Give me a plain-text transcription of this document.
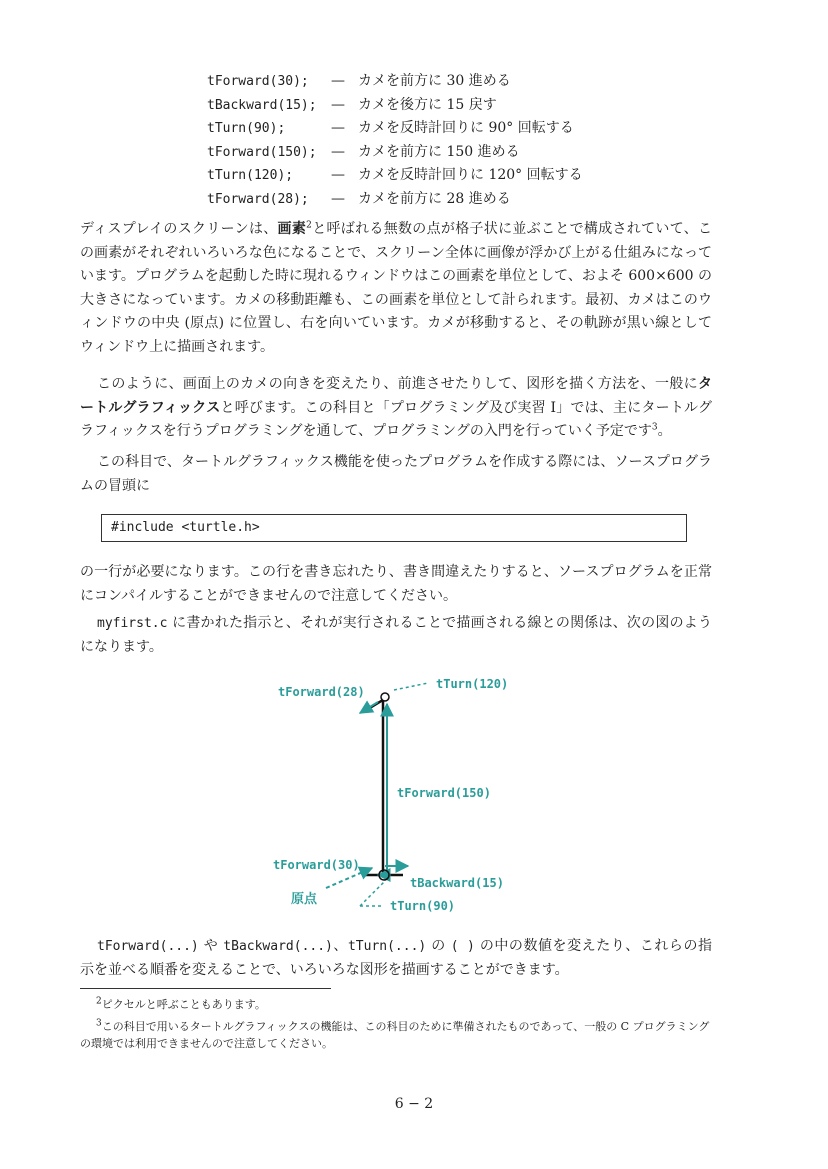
tForward(30); — カメを前方に 30 進める
tBackward(15); — カメを後方に 15 戻す
tTurn(90);	— カメを反時計回りに 90° 回転する
tForward(150); — カメを前方に 150 進める
tTurn(120);	— カメを反時計回りに 120° 回転する
tForward(28); — カメを前方に 28 進める

ディスプレイのスクリーンは、画素$^2$と呼ばれる無数の点が格子状に並ぶことで構成されていて、この画素がそれぞれいろいろな色になることで、スクリーン全体に画像が浮かび上がる仕組みになっています。プログラムを起動した時に現れるウィンドウはこの画素を単位として、およそ 600×600 の大きさになっています。カメの移動距離も、この画素を単位として計られます。最初、カメはこのウィンドウの中央 (原点) に位置し、右を向いています。カメが移動すると、その軌跡が黒い線としてウィンドウ上に描画されます。

このように、画面上のカメの向きを変えたり、前進させたりして、図形を描く方法を、一般にタートルグラフィックスと呼びます。この科目と「プログラミング及び実習 I」では、主にタートルグラフィックスを行うプログラミングを通して、プログラミングの入門を行っていく予定です$^3$。

この科目で、タートルグラフィックス機能を使ったプログラムを作成する際には、ソースプログラムの冒頭に

#include <turtle.h>

の一行が必要になります。この行を書き忘れたり、書き間違えたりすると、ソースプログラムを正常にコンパイルすることができませんので注意してください。

myfirst.c に書かれた指示と、それが実行されることで描画される線との関係は、次の図のようになります。

tForward(28)
tTurn(120)
tForward(150)
tForward(30)
tBackward(15)
原点	tTurn(90)

tForward(...) や tBackward(...)、tTurn(...) の ( ) の中の数値を変えたり、これらの指示を並べる順番を変えることで、いろいろな図形を描画することができます。

$^2$ピクセルと呼ぶこともあります。

$^3$この科目で用いるタートルグラフィックスの機能は、この科目のために準備されたものであって、一般の C プログラミングの環境では利用できませんので注意してください。

6 − 2
